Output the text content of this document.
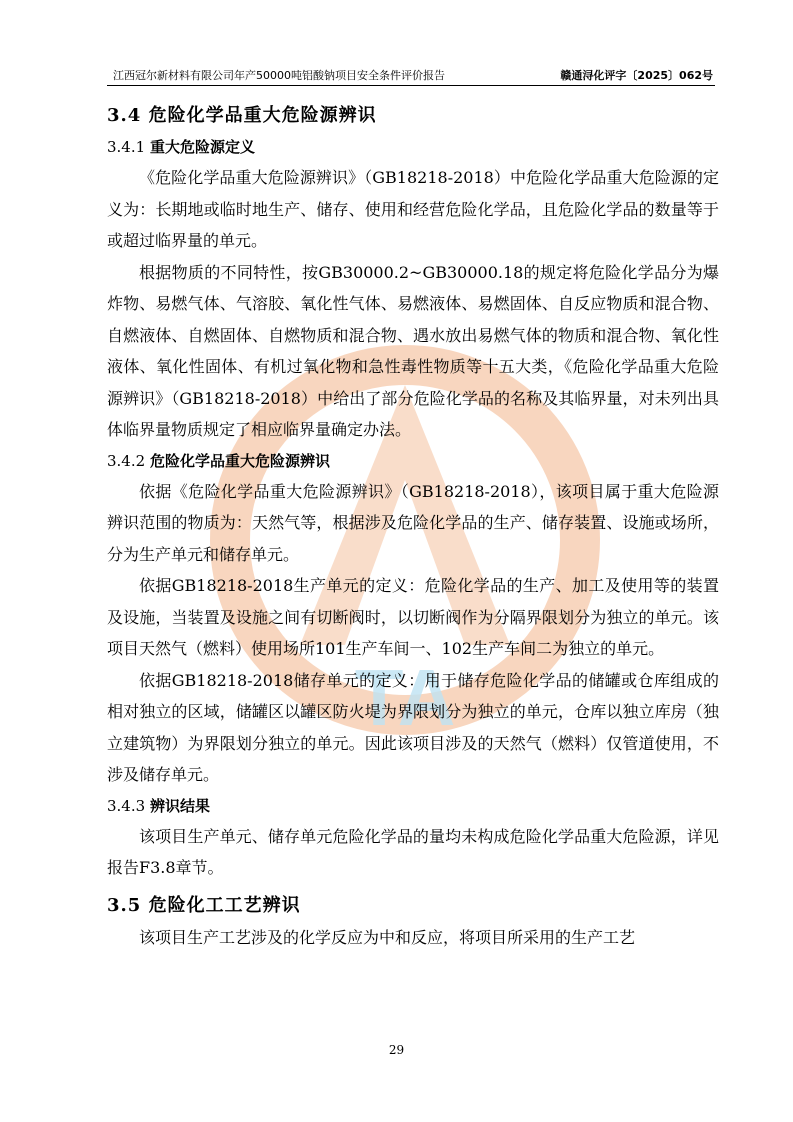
江西冠尔新材料有限公司年产50000吨铝酸钠项目安全条件评价报告	赣通浔化评字〔2025〕062号
TA
3.4 危险化学品重大危险源辨识
3.4.1 重大危险源定义

《危险化学品重大危险源辨识》（GB18218-2018）中危险化学品重大危险源的定义为：长期地或临时地生产、储存、使用和经营危险化学品，且危险化学品的数量等于或超过临界量的单元。

根据物质的不同特性，按GB30000.2~GB30000.18的规定将危险化学品分为爆炸物、易燃气体、气溶胶、氧化性气体、易燃液体、易燃固体、自反应物质和混合物、自燃液体、自燃固体、自燃物质和混合物、遇水放出易燃气体的物质和混合物、氧化性液体、氧化性固体、有机过氧化物和急性毒性物质等十五大类，《危险化学品重大危险源辨识》（GB18218-2018）中给出了部分危险化学品的名称及其临界量，对未列出具体临界量物质规定了相应临界量确定办法。

3.4.2 危险化学品重大危险源辨识

依据《危险化学品重大危险源辨识》（GB18218-2018），该项目属于重大危险源辨识范围的物质为：天然气等，根据涉及危险化学品的生产、储存装置、设施或场所，分为生产单元和储存单元。

依据GB18218-2018生产单元的定义：危险化学品的生产、加工及使用等的装置及设施，当装置及设施之间有切断阀时，以切断阀作为分隔界限划分为独立的单元。该项目天然气（燃料）使用场所101生产车间一、102生产车间二为独立的单元。

依据GB18218-2018储存单元的定义：用于储存危险化学品的储罐或仓库组成的相对独立的区域，储罐区以罐区防火堤为界限划分为独立的单元，仓库以独立库房（独立建筑物）为界限划分独立的单元。因此该项目涉及的天然气（燃料）仅管道使用，不涉及储存单元。

3.4.3 辨识结果

该项目生产单元、储存单元危险化学品的量均未构成危险化学品重大危险源，详见报告F3.8章节。

3.5 危险化工工艺辨识

该项目生产工艺涉及的化学反应为中和反应，将项目所采用的生产工艺

29
